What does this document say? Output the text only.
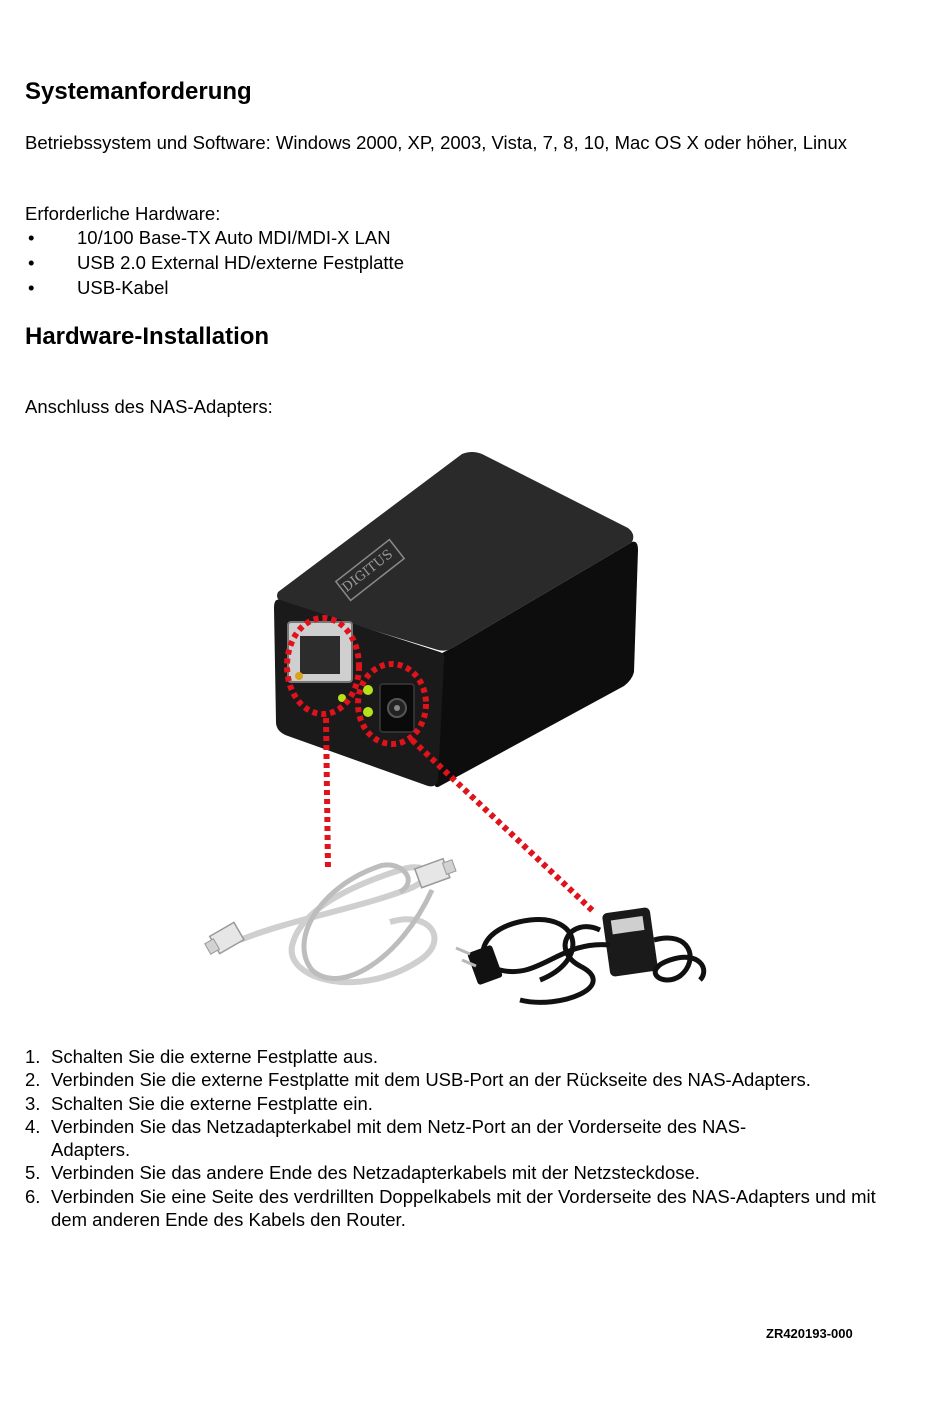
Systemanforderung

Betriebssystem und Software: Windows 2000, XP, 2003, Vista, 7, 8, 10, Mac OS X oder höher, Linux

Erforderliche Hardware:

• 10/100 Base-TX Auto MDI/MDI-X LAN
• USB 2.0 External HD/externe Festplatte
• USB-Kabel
Hardware-Installation

Anschluss des NAS-Adapters:

DIGITUS
1. Schalten Sie die externe Festplatte aus.
2. Verbinden Sie die externe Festplatte mit dem USB-Port an der Rückseite des NAS-Adapters.
3. Schalten Sie die externe Festplatte ein.
4. Verbinden Sie das Netzadapterkabel mit dem Netz-Port an der Vorderseite des NAS-Adapters.
5. Verbinden Sie das andere Ende des Netzadapterkabels mit der Netzsteckdose.
6. Verbinden Sie eine Seite des verdrillten Doppelkabels mit der Vorderseite des NAS-Adapters und mit dem anderen Ende des Kabels den Router.
ZR420193-000
